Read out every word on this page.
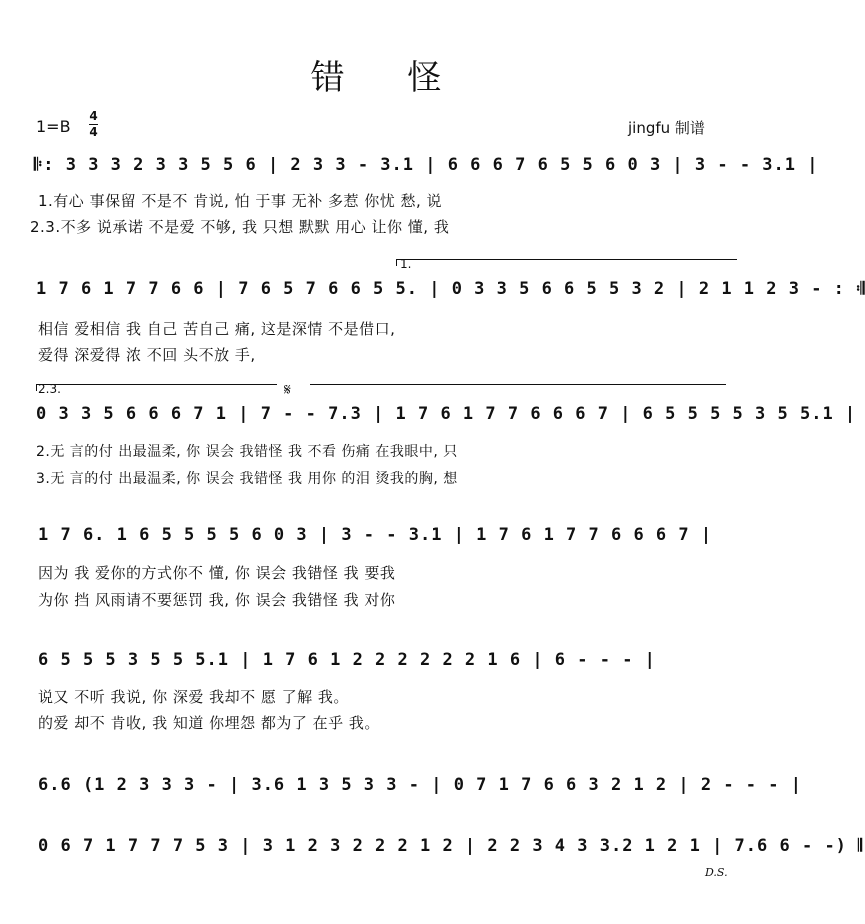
错 怪
1=B
4
4	jingfu 制谱
𝄆: 3 3 3 2 3 3 5 5 6 | 2 3 3 - 3.1 | 6 6 6 7 6 5 5 6 0 3 | 3 - - 3.1 |
1.有心 事保留 不是不 肯说, 怕 于事 无补 多惹 你忧 愁, 说
2.3.不多 说承诺 不是爱 不够, 我 只想 默默 用心 让你 懂, 我
1.
1 7 6 1 7 7 6 6 | 7 6 5 7 6 6 5 5. | 0 3 3 5 6 6 5 5 3 2 | 2 1 1 2 3 - : 𝄇
相信 爱相信 我 自己 苦自己 痛, 这是深情 不是借口,
爱得 深爱得 浓 不回 头不放 手,
2.3.	𝄋
0 3 3 5 6 6 6 7 1 | 7 - - 7.3 | 1 7 6 1 7 7 6 6 6 7 | 6 5 5 5 5 3 5 5.1 |
2.无 言的付 出最温柔, 你 误会 我错怪 我 不看 伤痛 在我眼中, 只
3.无 言的付 出最温柔, 你 误会 我错怪 我 用你 的泪 烫我的胸, 想
1 7 6. 1 6 5 5 5 5 6 0 3 | 3 - - 3.1 | 1 7 6 1 7 7 6 6 6 7 |
因为 我 爱你的方式你不 懂, 你 误会 我错怪 我 要我
为你 挡 风雨请不要惩罚 我, 你 误会 我错怪 我 对你
6 5 5 5 3 5 5 5.1 | 1 7 6 1 2 2 2 2 2 2 1 6 | 6 - - - |
说又 不听 我说, 你 深爱 我却不 愿 了解 我。
的爱 却不 肯收, 我 知道 你埋怨 都为了 在乎 我。
6.6 (1 2 3 3 3 - | 3.6 1 3 5 3 3 - | 0 7 1 7 6 6 3 2 1 2 | 2 - - - |
0 6 7 1 7 7 7 5 3 | 3 1 2 3 2 2 2 1 2 | 2 2 3 4 3 3.2 1 2 1 | 7.6 6 - -) 𝄂
D.S.
